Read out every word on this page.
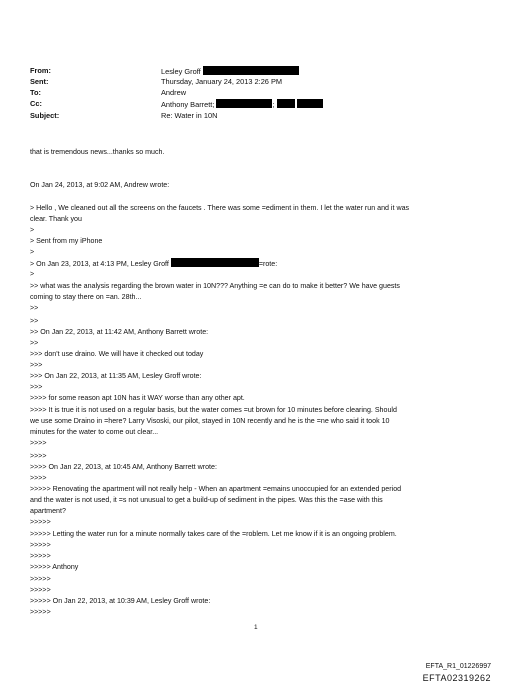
From:	Lesley Groff
Sent:	Thursday, January 24, 2013 2:26 PM
To:	Andrew
Cc:	Anthony Barrett;	;
Subject:	Re: Water in 10N
that is tremendous news...thanks so much.
On Jan 24, 2013, at 9:02 AM, Andrew wrote:
> Hello , We cleaned out all the screens on the faucets . There was some =ediment in them. I let the water run and it was
clear. Thank you
>
> Sent from my iPhone
>
> On Jan 23, 2013, at 4:13 PM, Lesley Groff	=rote:
>
>> what was the analysis regarding the brown water in 10N??? Anything =e can do to make it better? We have guests
coming to stay there on =an. 28th...
>>
>>
>> On Jan 22, 2013, at 11:42 AM, Anthony Barrett wrote:
>>
>>> don't use draino. We will have it checked out today
>>>
>>> On Jan 22, 2013, at 11:35 AM, Lesley Groff wrote:
>>>
>>>> for some reason apt 10N has it WAY worse than any other apt.
>>>> It is true it is not used on a regular basis, but the water comes =ut brown for 10 minutes before clearing. Should
we use some Draino in =here? Larry Visoski, our pilot, stayed in 10N recently and he is the =ne who said it took 10
minutes for the water to come out clear...
>>>>
>>>>
>>>> On Jan 22, 2013, at 10:45 AM, Anthony Barrett wrote:
>>>>
>>>>> Renovating the apartment will not really help - When an apartment =emains unoccupied for an extended period
and the water is not used, it =s not unusual to get a build-up of sediment in the pipes. Was this the =ase with this
apartment?
>>>>>
>>>>> Letting the water run for a minute normally takes care of the =roblem. Let me know if it is an ongoing problem.
>>>>>
>>>>>
>>>>> Anthony
>>>>>
>>>>>
>>>>> On Jan 22, 2013, at 10:39 AM, Lesley Groff wrote:
>>>>>
1
EFTA_R1_01226997
EFTA02319262
